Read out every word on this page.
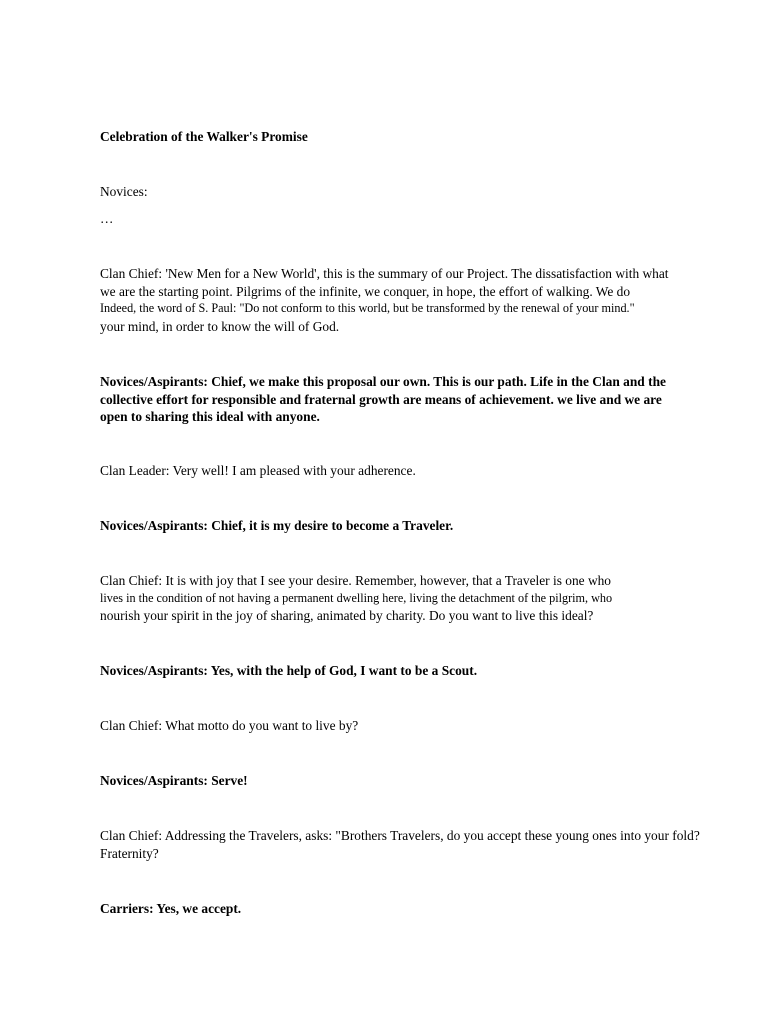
Celebration of the Walker's Promise
Novices:
…
Clan Chief: 'New Men for a New World', this is the summary of our Project. The dissatisfaction with what
we are the starting point. Pilgrims of the infinite, we conquer, in hope, the effort of walking. We do
Indeed, the word of S. Paul: "Do not conform to this world, but be transformed by the renewal of your mind."
your mind, in order to know the will of God.
Novices/Aspirants: Chief, we make this proposal our own. This is our path. Life in the Clan and the
collective effort for responsible and fraternal growth are means of achievement. we live and we are
open to sharing this ideal with anyone.
Clan Leader: Very well! I am pleased with your adherence.
Novices/Aspirants: Chief, it is my desire to become a Traveler.
Clan Chief: It is with joy that I see your desire. Remember, however, that a Traveler is one who
lives in the condition of not having a permanent dwelling here, living the detachment of the pilgrim, who
nourish your spirit in the joy of sharing, animated by charity. Do you want to live this ideal?
Novices/Aspirants: Yes, with the help of God, I want to be a Scout.
Clan Chief: What motto do you want to live by?
Novices/Aspirants: Serve!
Clan Chief: Addressing the Travelers, asks: "Brothers Travelers, do you accept these young ones into your fold?
Fraternity?
Carriers: Yes, we accept.
